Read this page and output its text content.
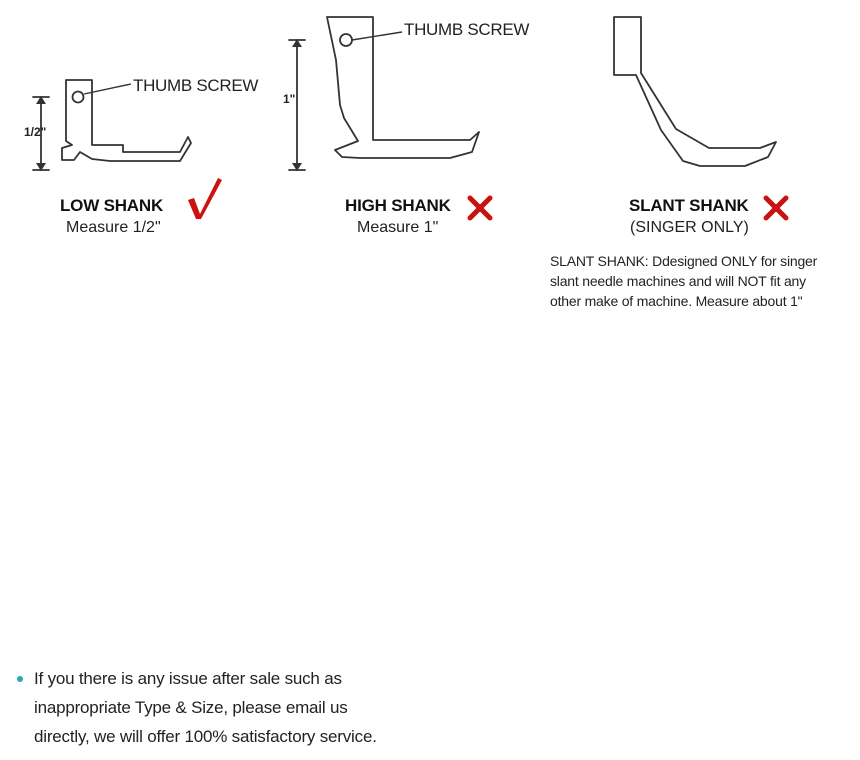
THUMB SCREW
1/2"
LOW SHANK
Measure 1/2"
THUMB SCREW
1"
HIGH SHANK
Measure 1"
SLANT SHANK
(SINGER ONLY)
SLANT SHANK: Ddesigned ONLY for singer
slant needle machines and will NOT fit any
other make of machine. Measure about 1"
If you there is any issue after sale such as
inappropriate Type & Size, please email us
directly, we will offer 100% satisfactory service.
